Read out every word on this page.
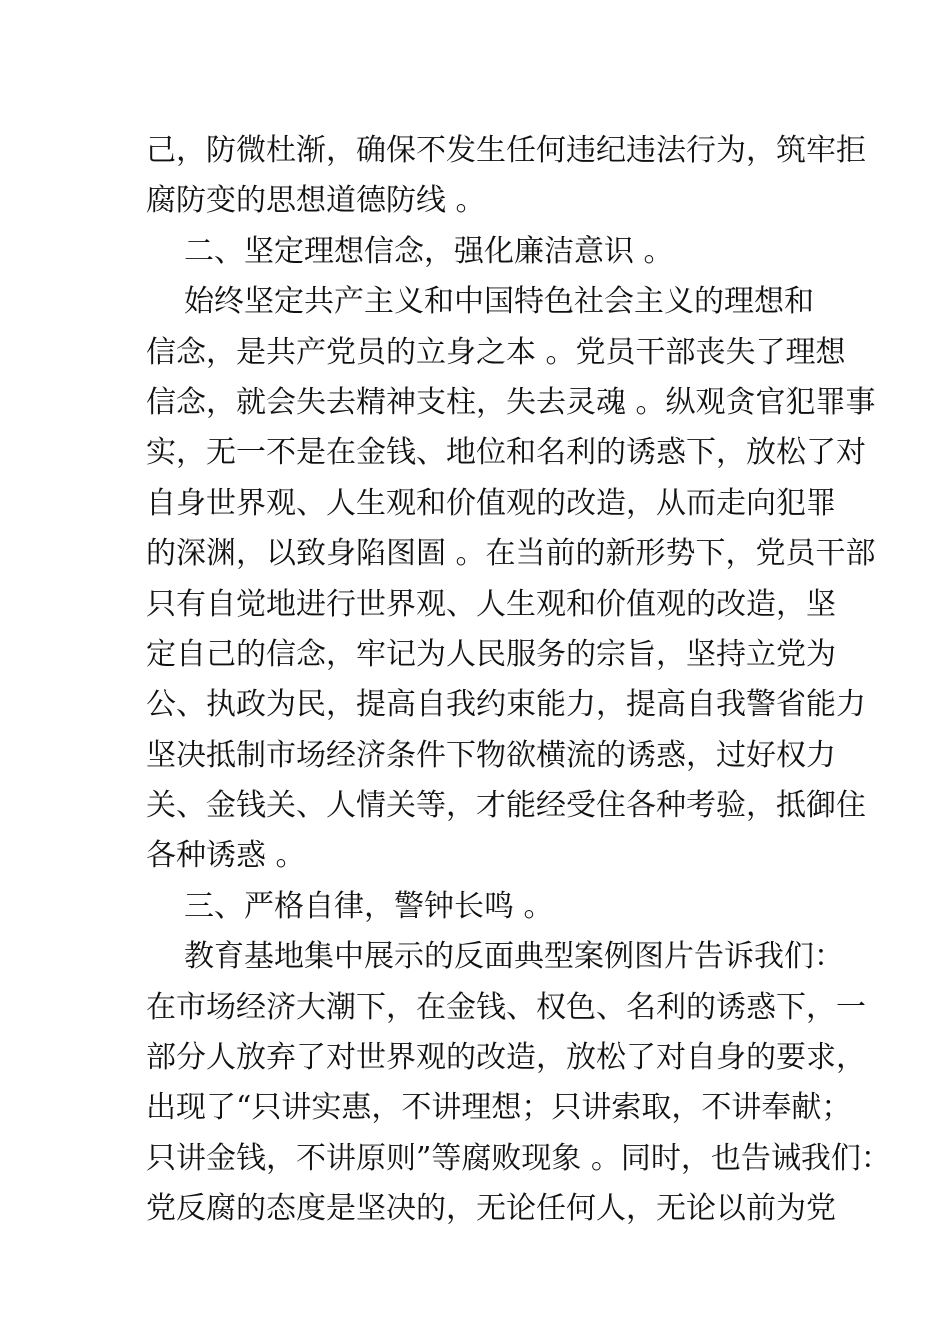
己，防微杜渐，确保不发生任何违纪违法行为，筑牢拒
腐防变的思想道德防线 。
二、坚定理想信念，强化廉洁意识 。
始终坚定共产主义和中国特色社会主义的理想和
信念，是共产党员的立身之本 。党员干部丧失了理想
信念，就会失去精神支柱，失去灵魂 。纵观贪官犯罪事
实，无一不是在金钱、地位和名利的诱惑下，放松了对
自身世界观、人生观和价值观的改造，从而走向犯罪
的深渊，以致身陷图圄 。在当前的新形势下，党员干部
只有自觉地进行世界观、人生观和价值观的改造，坚
定自己的信念，牢记为人民服务的宗旨，坚持立党为
公、执政为民，提高自我约束能力，提高自我警省能力
坚决抵制市场经济条件下物欲横流的诱惑，过好权力
关、金钱关、人情关等，才能经受住各种考验，抵御住
各种诱惑 。
三、严格自律，警钟长鸣 。
教育基地集中展示的反面典型案例图片告诉我们：
在市场经济大潮下，在金钱、权色、名利的诱惑下，一
部分人放弃了对世界观的改造，放松了对自身的要求，
出现了“只讲实惠，不讲理想；只讲索取，不讲奉献；
只讲金钱，不讲原则”等腐败现象 。同时，也告诫我们：
党反腐的态度是坚决的，无论任何人，无论以前为党
